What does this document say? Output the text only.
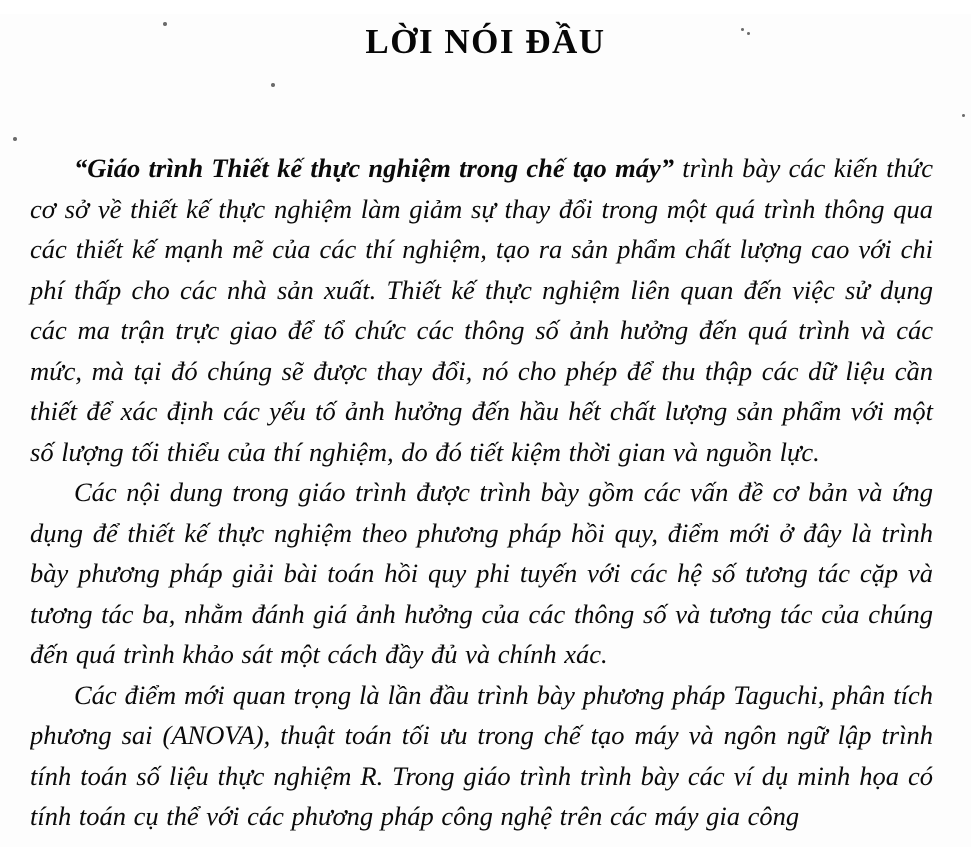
LỜI NÓI ĐẦU

“Giáo trình Thiết kế thực nghiệm trong chế tạo máy” trình bày các kiến thức cơ sở về thiết kế thực nghiệm làm giảm sự thay đổi trong một quá trình thông qua các thiết kế mạnh mẽ của các thí nghiệm, tạo ra sản phẩm chất lượng cao với chi phí thấp cho các nhà sản xuất. Thiết kế thực nghiệm liên quan đến việc sử dụng các ma trận trực giao để tổ chức các thông số ảnh hưởng đến quá trình và các mức, mà tại đó chúng sẽ được thay đổi, nó cho phép để thu thập các dữ liệu cần thiết để xác định các yếu tố ảnh hưởng đến hầu hết chất lượng sản phẩm với một số lượng tối thiểu của thí nghiệm, do đó tiết kiệm thời gian và nguồn lực.

Các nội dung trong giáo trình được trình bày gồm các vấn đề cơ bản và ứng dụng để thiết kế thực nghiệm theo phương pháp hồi quy, điểm mới ở đây là trình bày phương pháp giải bài toán hồi quy phi tuyến với các hệ số tương tác cặp và tương tác ba, nhằm đánh giá ảnh hưởng của các thông số và tương tác của chúng đến quá trình khảo sát một cách đầy đủ và chính xác.

Các điểm mới quan trọng là lần đầu trình bày phương pháp Taguchi, phân tích phương sai (ANOVA), thuật toán tối ưu trong chế tạo máy và ngôn ngữ lập trình tính toán số liệu thực nghiệm R. Trong giáo trình trình bày các ví dụ minh họa có tính toán cụ thể với các phương pháp công nghệ trên các máy gia công
